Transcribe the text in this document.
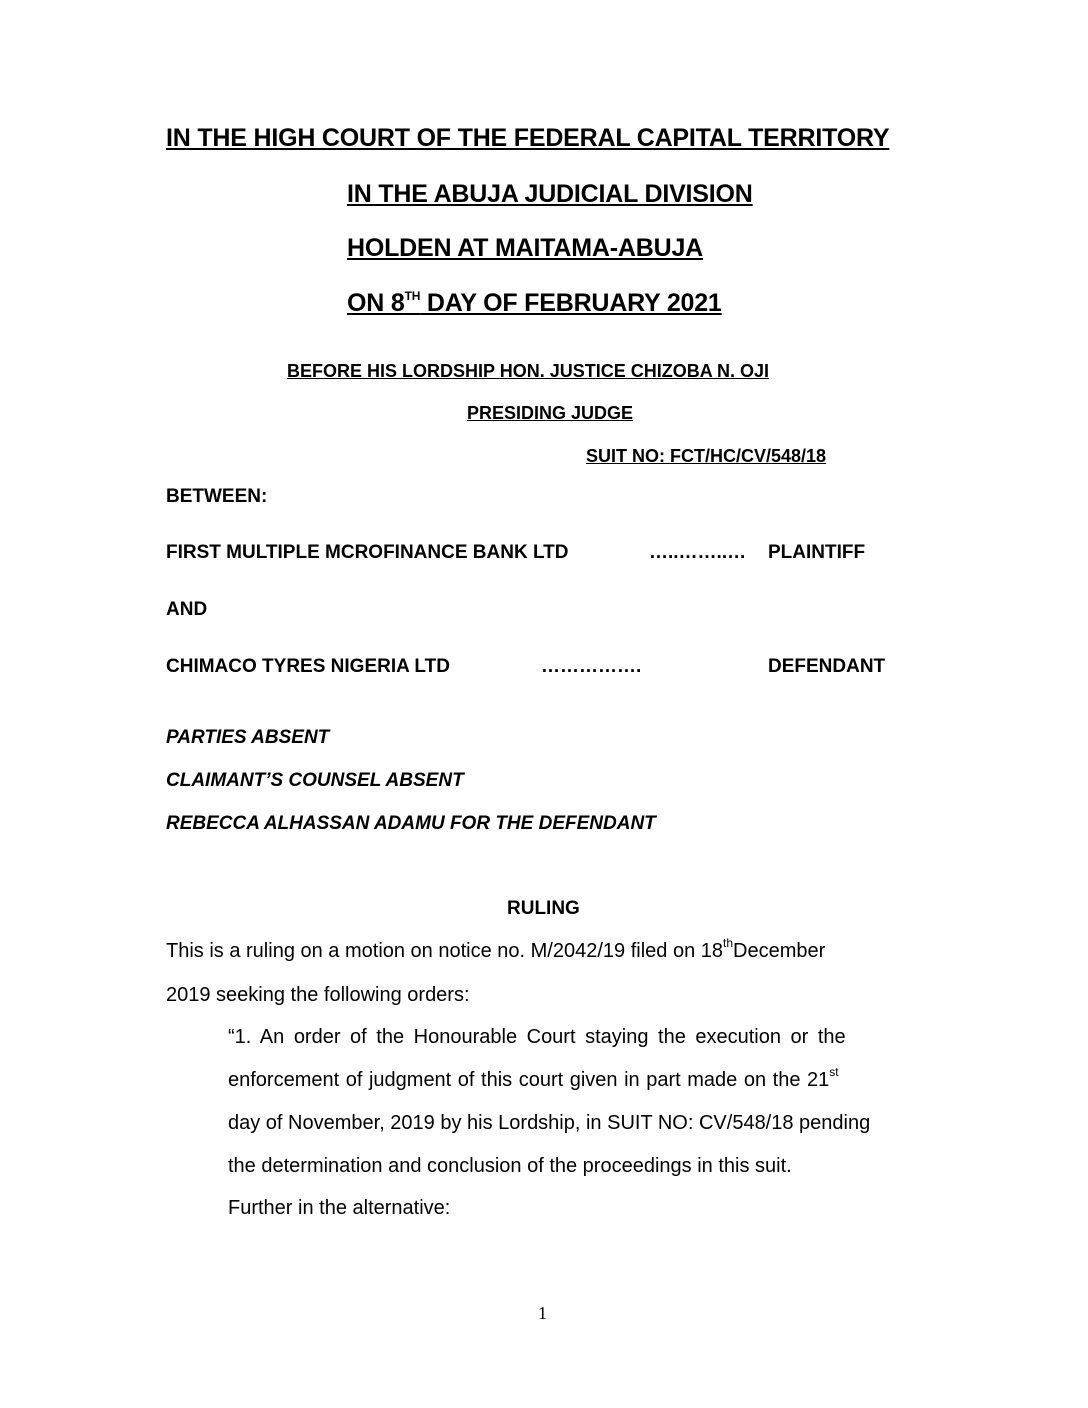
IN THE HIGH COURT OF THE FEDERAL CAPITAL TERRITORY
IN THE ABUJA JUDICIAL DIVISION
HOLDEN AT MAITAMA-ABUJA
ON 8TH DAY OF FEBRUARY 2021
BEFORE HIS LORDSHIP HON. JUSTICE CHIZOBA N. OJI
PRESIDING JUDGE
SUIT NO: FCT/HC/CV/548/18
BETWEEN:
FIRST MULTIPLE MCROFINANCE BANK LTD	…..……..… PLAINTIFF
AND
CHIMACO TYRES NIGERIA LTD	…………….	DEFENDANT
PARTIES ABSENT
CLAIMANT’S COUNSEL ABSENT
REBECCA ALHASSAN ADAMU FOR THE DEFENDANT
RULING
This is a ruling on a motion on notice no. M/2042/19 filed on 18thDecember
2019 seeking the following orders:
“1. An order of the Honourable Court staying the execution or the
enforcement of judgment of this court given in part made on the 21st
day of November, 2019 by his Lordship, in SUIT NO: CV/548/18 pending
the determination and conclusion of the proceedings in this suit.
Further in the alternative:
1
